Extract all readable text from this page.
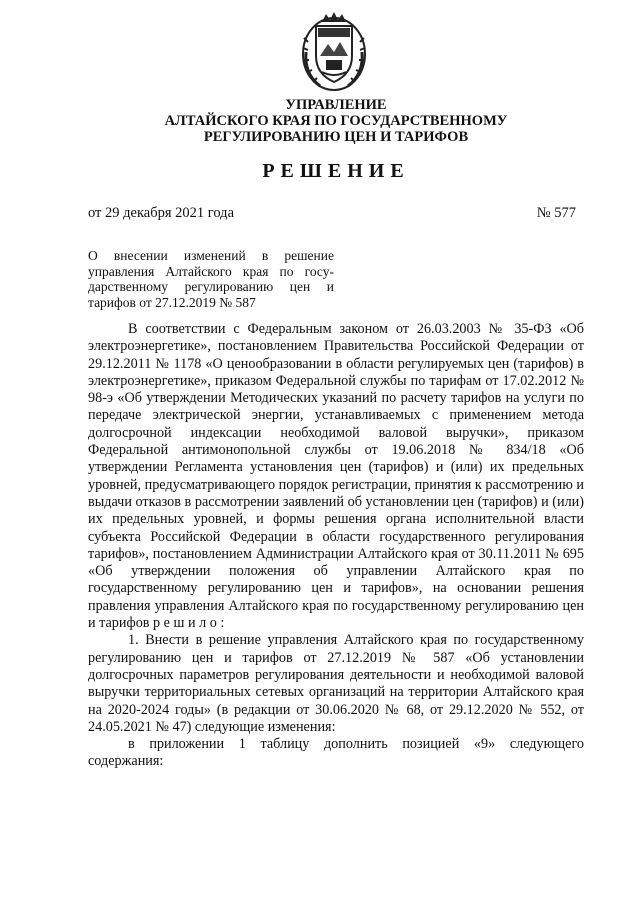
УПРАВЛЕНИЕ
АЛТАЙСКОГО КРАЯ ПО ГОСУДАРСТВЕННОМУ
РЕГУЛИРОВАНИЮ ЦЕН И ТАРИФОВ
РЕШЕНИЕ
от 29 декабря 2021 года	№ 577
О внесении изменений в решение управления Алтайского края по государственному регулированию цен и тарифов от 27.12.2019 № 587

В соответствии с Федеральным законом от 26.03.2003 № 35-ФЗ «Об электроэнергетике», постановлением Правительства Российской Федерации от 29.12.2011 № 1178 «О ценообразовании в области регулируемых цен (тарифов) в электроэнергетике», приказом Федеральной службы по тарифам от 17.02.2012 № 98-э «Об утверждении Методических указаний по расчету тарифов на услуги по передаче электрической энергии, устанавливаемых с применением метода долгосрочной индексации необходимой валовой выручки», приказом Федеральной антимонопольной службы от 19.06.2018 № 834/18 «Об утверждении Регламента установления цен (тарифов) и (или) их предельных уровней, предусматривающего порядок регистрации, принятия к рассмотрению и выдачи отказов в рассмотрении заявлений об установлении цен (тарифов) и (или) их предельных уровней, и формы решения органа исполнительной власти субъекта Российской Федерации в области государственного регулирования тарифов», постановлением Администрации Алтайского края от 30.11.2011 № 695 «Об утверждении положения об управлении Алтайского края по государственному регулированию цен и тарифов», на основании решения правления управления Алтайского края по государственному регулированию цен и тарифов р е ш и л о :

1. Внести в решение управления Алтайского края по государственному регулированию цен и тарифов от 27.12.2019 № 587 «Об установлении долгосрочных параметров регулирования деятельности и необходимой валовой выручки территориальных сетевых организаций на территории Алтайского края на 2020-2024 годы» (в редакции от 30.06.2020 № 68, от 29.12.2020 № 552, от 24.05.2021 № 47) следующие изменения:

в приложении 1 таблицу дополнить позицией «9» следующего содержания:
